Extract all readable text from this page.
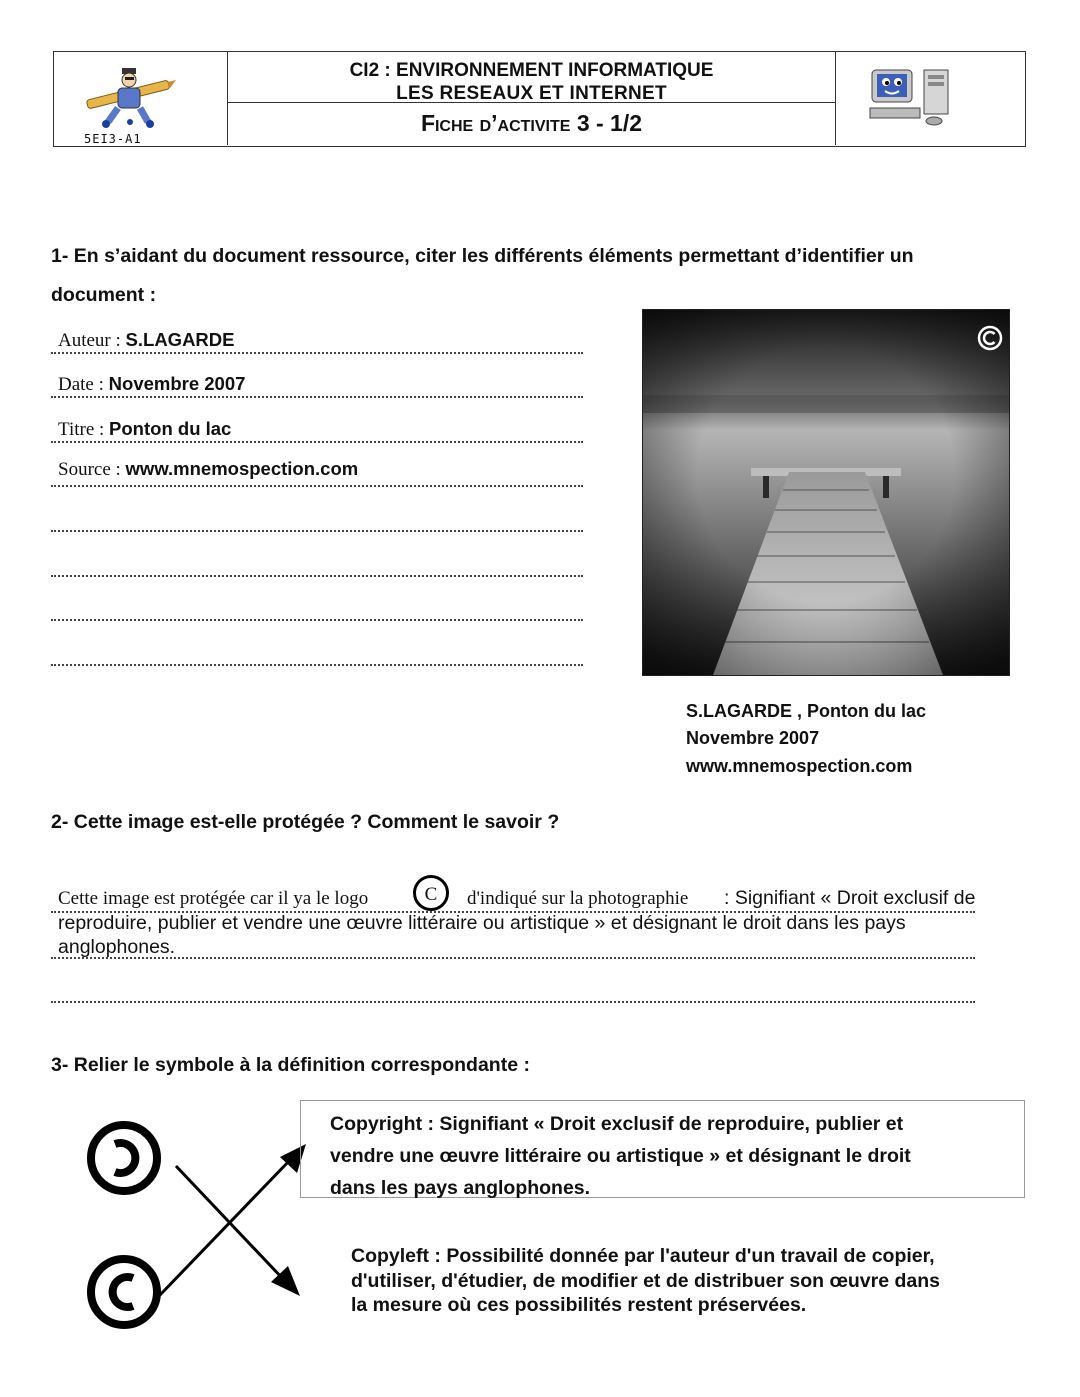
5EI3-A1
CI2 : ENVIRONNEMENT INFORMATIQUE
LES RESEAUX ET INTERNET
Fiche d’activite 3 - 1/2
1- En s’aidant du document ressource, citer les différents éléments permettant d’identifier un
document :
Auteur : S.LAGARDE
Date : Novembre 2007
Titre : Ponton du lac
Source : www.mnemospection.com
S.LAGARDE , Ponton du lac
Novembre 2007
www.mnemospection.com
2- Cette image est-elle protégée ? Comment le savoir ?
Cette image est protégée car il ya le logo	C	d'indiqué sur la photographie : Signifiant « Droit exclusif de
reproduire, publier et vendre une œuvre littéraire ou artistique » et désignant le droit dans les pays
anglophones.
3- Relier le symbole à la définition correspondante :
Copyright : Signifiant « Droit exclusif de reproduire, publier et
vendre une œuvre littéraire ou artistique » et désignant le droit
dans les pays anglophones.
Copyleft : Possibilité donnée par l'auteur d'un travail de copier,
d'utiliser, d'étudier, de modifier et de distribuer son œuvre dans
la mesure où ces possibilités restent préservées.
